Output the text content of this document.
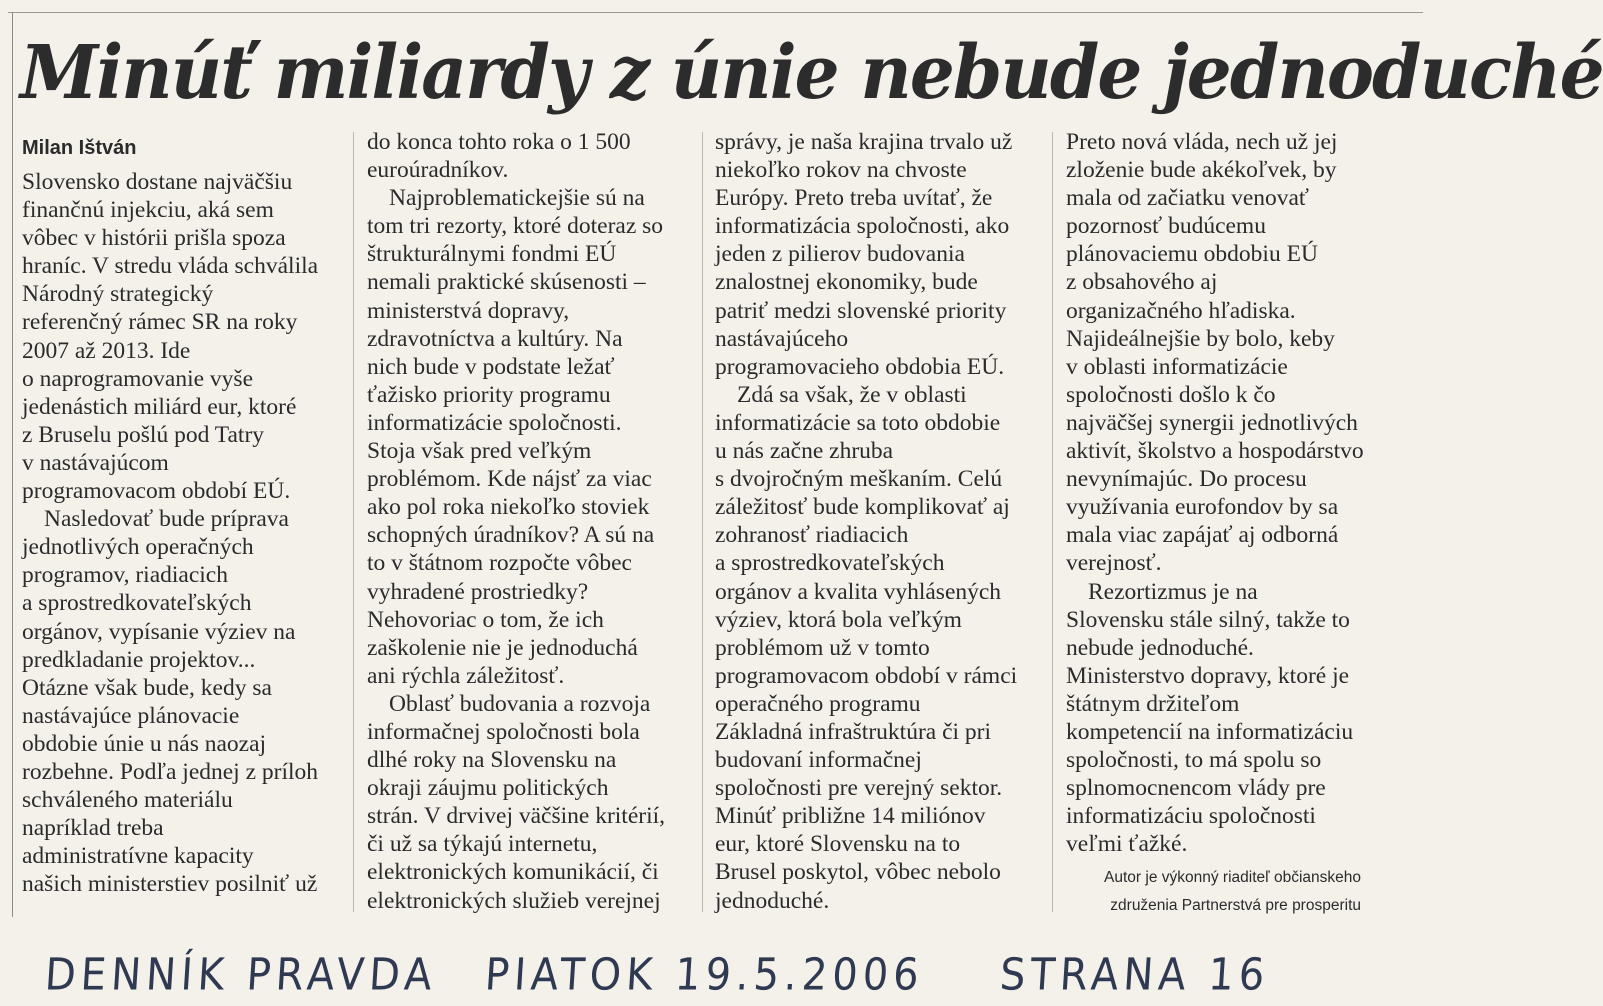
Minúť miliardy z únie nebude jednoduché
Milan Ištván
Slovensko dostane najväčšiu
finančnú injekciu, aká sem
vôbec v histórii prišla spoza
hraníc. V stredu vláda schválila
Národný strategický
referenčný rámec SR na roky
2007 až 2013. Ide
o naprogramovanie vyše
jedenástich miliárd eur, ktoré
z Bruselu pošlú pod Tatry
v nastávajúcom
programovacom období EÚ.
Nasledovať bude príprava
jednotlivých operačných
programov, riadiacich
a sprostredkovateľských
orgánov, vypísanie výziev na
predkladanie projektov...
Otázne však bude, kedy sa
nastávajúce plánovacie
obdobie únie u nás naozaj
rozbehne. Podľa jednej z príloh
schváleného materiálu
napríklad treba
administratívne kapacity
našich ministerstiev posilniť už
do konca tohto roka o 1 500
euroúradníkov.
Najproblematickejšie sú na
tom tri rezorty, ktoré doteraz so
štrukturálnymi fondmi EÚ
nemali praktické skúsenosti –
ministerstvá dopravy,
zdravotníctva a kultúry. Na
nich bude v podstate ležať
ťažisko priority programu
informatizácie spoločnosti.
Stoja však pred veľkým
problémom. Kde nájsť za viac
ako pol roka niekoľko stoviek
schopných úradníkov? A sú na
to v štátnom rozpočte vôbec
vyhradené prostriedky?
Nehovoriac o tom, že ich
zaškolenie nie je jednoduchá
ani rýchla záležitosť.
Oblasť budovania a rozvoja
informačnej spoločnosti bola
dlhé roky na Slovensku na
okraji záujmu politických
strán. V drvivej väčšine kritérií,
či už sa týkajú internetu,
elektronických komunikácií, či
elektronických služieb verejnej
správy, je naša krajina trvalo už
niekoľko rokov na chvoste
Európy. Preto treba uvítať, že
informatizácia spoločnosti, ako
jeden z pilierov budovania
znalostnej ekonomiky, bude
patriť medzi slovenské priority
nastávajúceho
programovacieho obdobia EÚ.
Zdá sa však, že v oblasti
informatizácie sa toto obdobie
u nás začne zhruba
s dvojročným meškaním. Celú
záležitosť bude komplikovať aj
zohranosť riadiacich
a sprostredkovateľských
orgánov a kvalita vyhlásených
výziev, ktorá bola veľkým
problémom už v tomto
programovacom období v rámci
operačného programu
Základná infraštruktúra či pri
budovaní informačnej
spoločnosti pre verejný sektor.
Minúť približne 14 miliónov
eur, ktoré Slovensku na to
Brusel poskytol, vôbec nebolo
jednoduché.
Preto nová vláda, nech už jej
zloženie bude akékoľvek, by
mala od začiatku venovať
pozornosť budúcemu
plánovaciemu obdobiu EÚ
z obsahového aj
organizačného hľadiska.
Najideálnejšie by bolo, keby
v oblasti informatizácie
spoločnosti došlo k čo
najväčšej synergii jednotlivých
aktivít, školstvo a hospodárstvo
nevynímajúc. Do procesu
využívania eurofondov by sa
mala viac zapájať aj odborná
verejnosť.
Rezortizmus je na
Slovensku stále silný, takže to
nebude jednoduché.
Ministerstvo dopravy, ktoré je
štátnym držiteľom
kompetencií na informatizáciu
spoločnosti, to má spolu so
splnomocnencom vlády pre
informatizáciu spoločnosti
veľmi ťažké.
Autor je výkonný riaditeľ občianskeho
združenia Partnerstvá pre prosperitu
DENNÍK PRAVDA PIATOK 19.5.2006 STRANA 16
